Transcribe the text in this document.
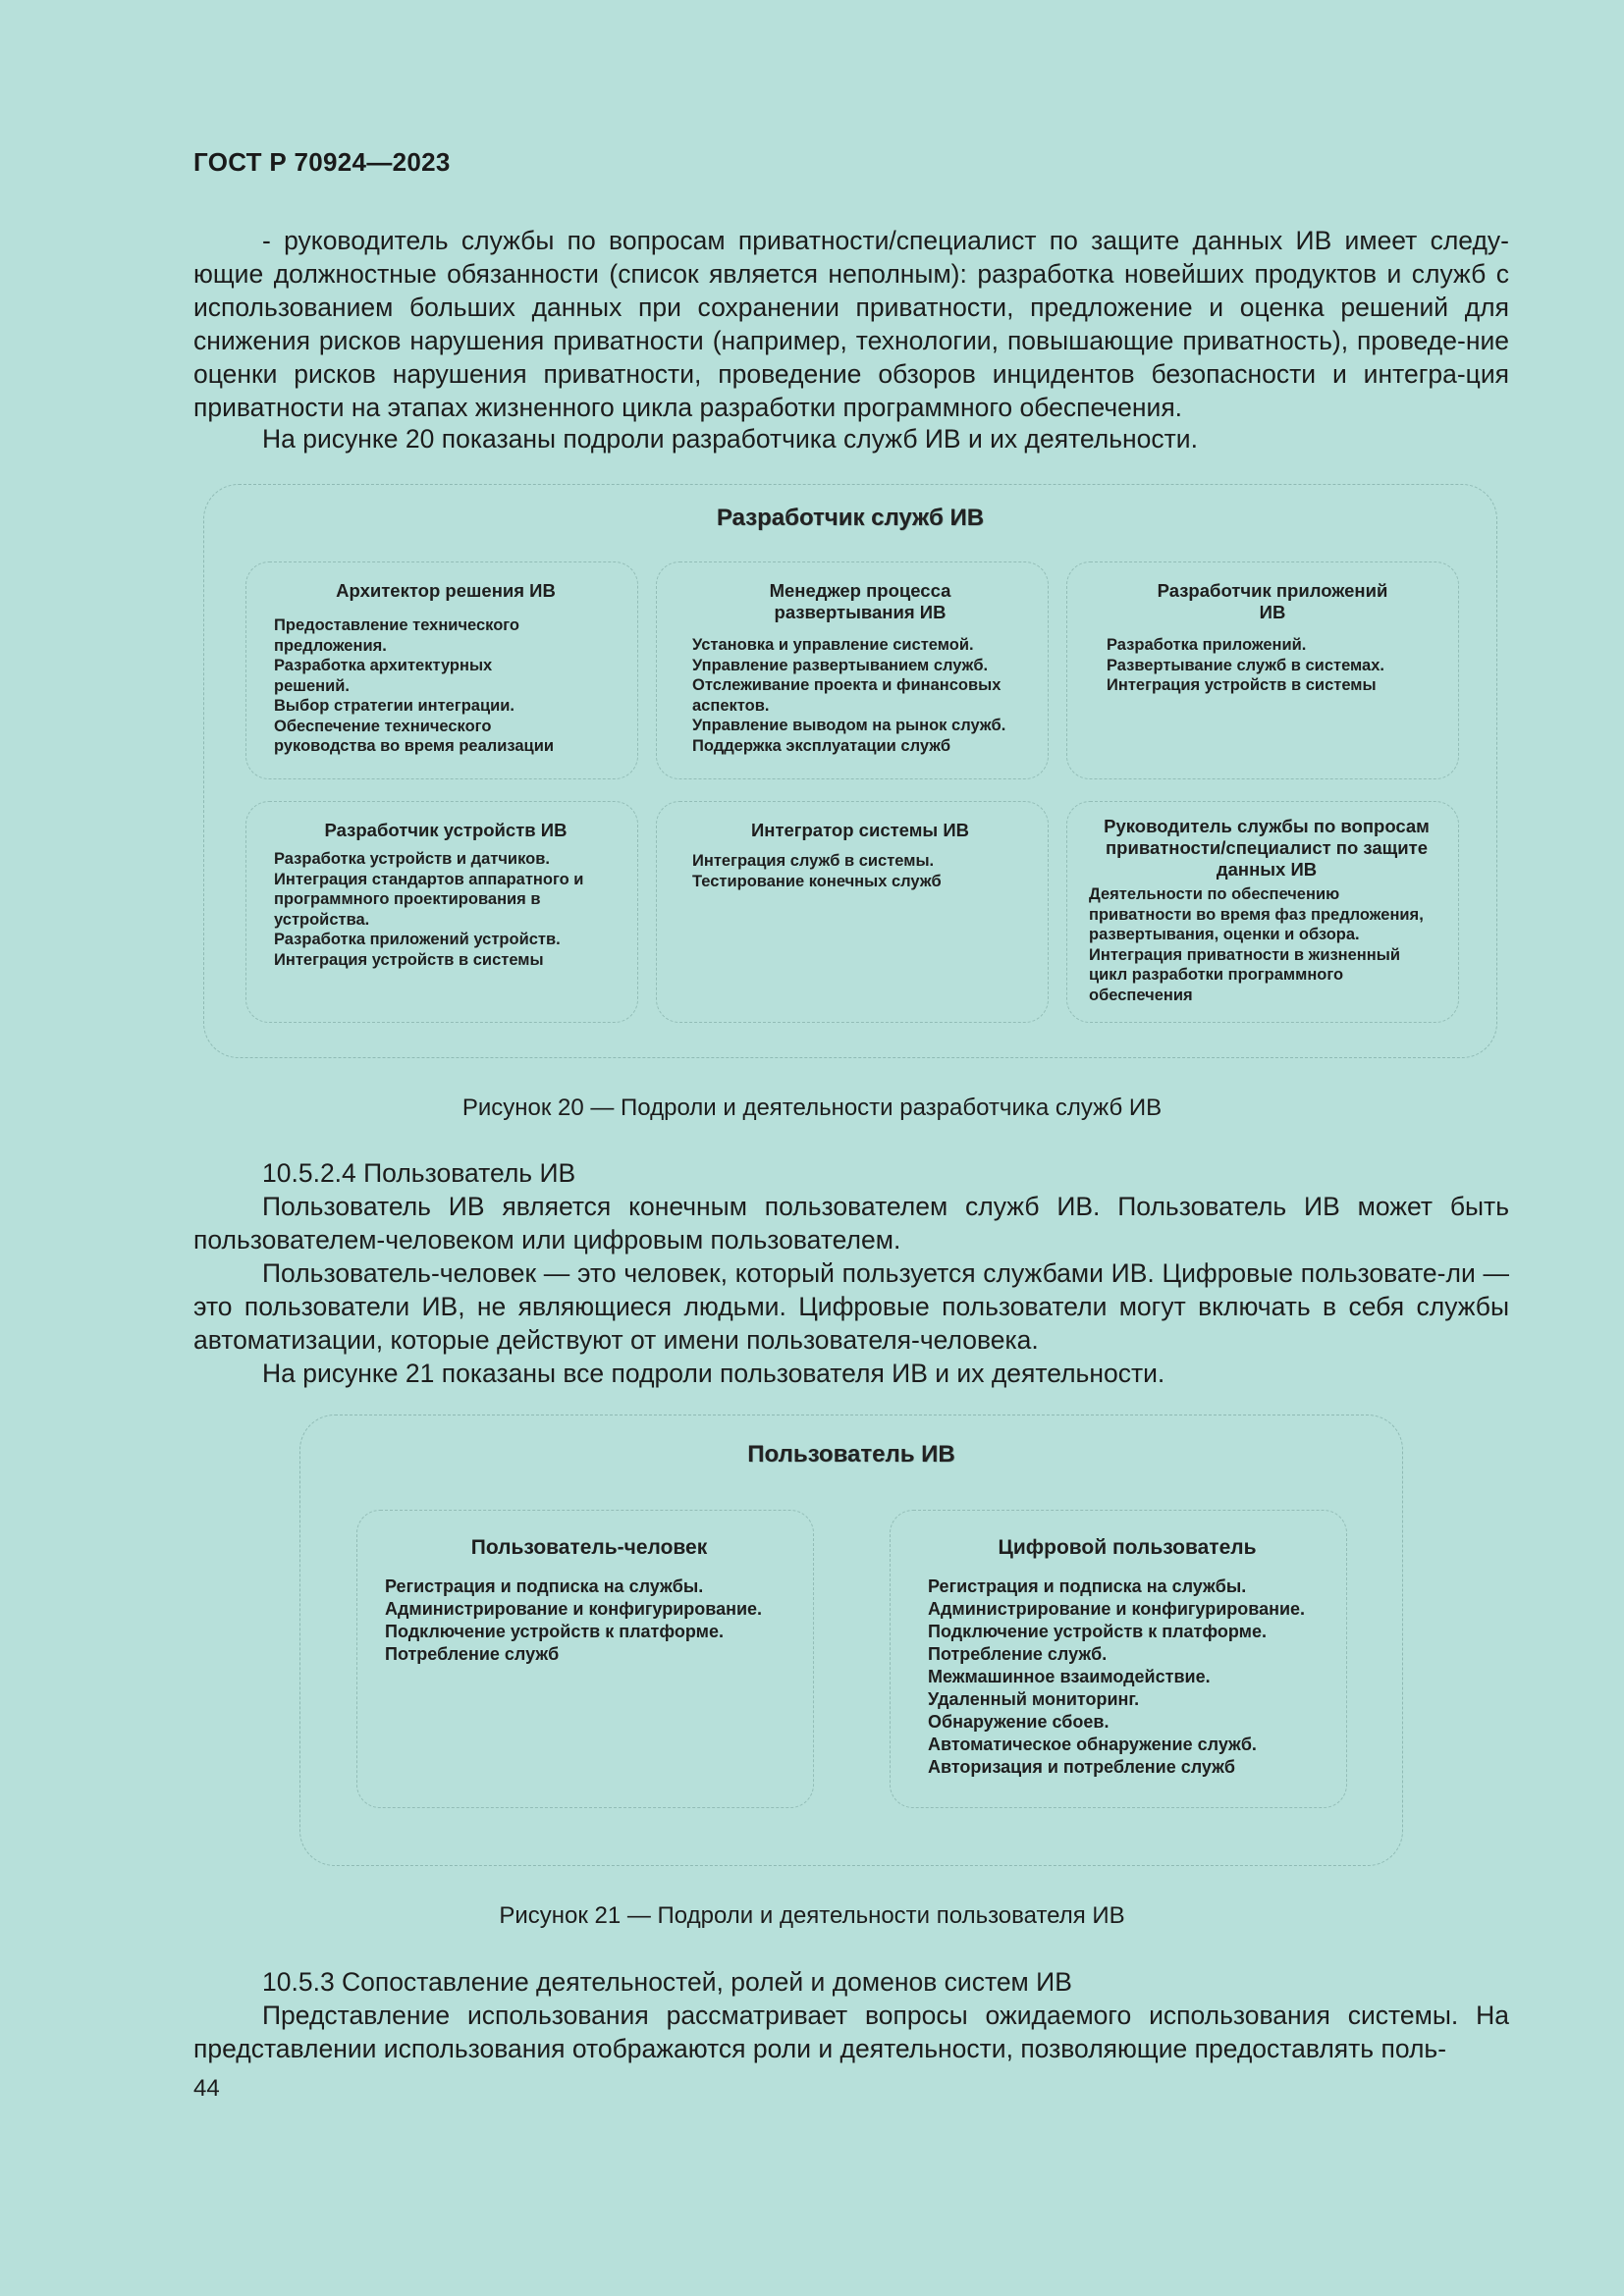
ГОСТ Р 70924—2023

- руководитель службы по вопросам приватности/специалист по защите данных ИВ имеет следу-ющие должностные обязанности (список является неполным): разработка новейших продуктов и служб с использованием больших данных при сохранении приватности, предложение и оценка решений для снижения рисков нарушения приватности (например, технологии, повышающие приватность), проведе-ние оценки рисков нарушения приватности, проведение обзоров инцидентов безопасности и интегра-ция приватности на этапах жизненного цикла разработки программного обеспечения.

На рисунке 20 показаны подроли разработчика служб ИВ и их деятельности.

Разработчик служб ИВ
Архитектор решения ИВ
Предоставление технического
предложения.
Разработка архитектурных
решений.
Выбор стратегии интеграции.
Обеспечение технического
руководства во время реализации
Менеджер процесса
развертывания ИВ
Установка и управление системой.
Управление развертыванием служб.
Отслеживание проекта и финансовых
аспектов.
Управление выводом на рынок служб.
Поддержка эксплуатации служб
Разработчик приложений
ИВ
Разработка приложений.
Развертывание служб в системах.
Интеграция устройств в системы
Разработчик устройств ИВ
Разработка устройств и датчиков.
Интеграция стандартов аппаратного и
программного проектирования в
устройства.
Разработка приложений устройств.
Интеграция устройств в системы
Интегратор системы ИВ
Интеграция служб в системы.
Тестирование конечных служб
Руководитель службы по вопросам
приватности/специалист по защите
данных ИВ
Деятельности по обеспечению
приватности во время фаз предложения,
развертывания, оценки и обзора.
Интеграция приватности в жизненный
цикл разработки программного
обеспечения
Рисунок 20 — Подроли и деятельности разработчика служб ИВ
10.5.2.4 Пользователь ИВ

Пользователь ИВ является конечным пользователем служб ИВ. Пользователь ИВ может быть пользователем-человеком или цифровым пользователем.

Пользователь-человек — это человек, который пользуется службами ИВ. Цифровые пользовате-ли — это пользователи ИВ, не являющиеся людьми. Цифровые пользователи могут включать в себя службы автоматизации, которые действуют от имени пользователя-человека.

На рисунке 21 показаны все подроли пользователя ИВ и их деятельности.

Пользователь ИВ
Пользователь-человек
Регистрация и подписка на службы.
Администрирование и конфигурирование.
Подключение устройств к платформе.
Потребление служб
Цифровой пользователь
Регистрация и подписка на службы.
Администрирование и конфигурирование.
Подключение устройств к платформе.
Потребление служб.
Межмашинное взаимодействие.
Удаленный мониторинг.
Обнаружение сбоев.
Автоматическое обнаружение служб.
Авторизация и потребление служб
Рисунок 21 — Подроли и деятельности пользователя ИВ
10.5.3 Сопоставление деятельностей, ролей и доменов систем ИВ

Представление использования рассматривает вопросы ожидаемого использования системы. На представлении использования отображаются роли и деятельности, позволяющие предоставлять поль-

44
